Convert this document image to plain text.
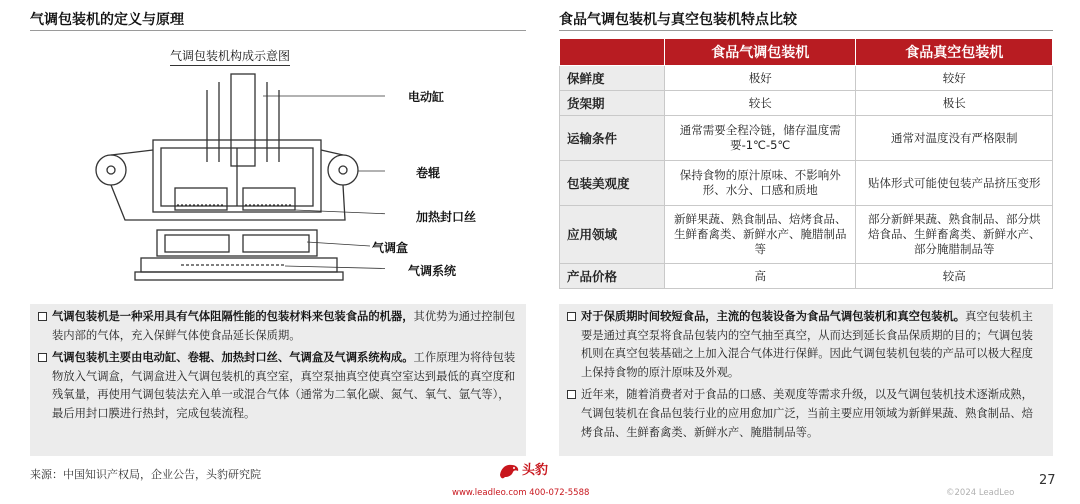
气调包装机的定义与原理
气调包装机构成示意图
电动缸
卷辊
加热封口丝
气调盒
气调系统
气调包装机是一种采用具有气体阻隔性能的包装材料来包装食品的机器，其优势为通过控制包装内部的气体，充入保鲜气体使食品延长保质期。
气调包装机主要由电动缸、卷辊、加热封口丝、气调盒及气调系统构成。工作原理为将待包装物放入气调盒，气调盒进入气调包装机的真空室，真空泵抽真空使真空室达到最低的真空度和残氧量，再使用气调包装法充入单一或混合气体（通常为二氧化碳、氮气、氧气、氩气等），最后用封口膜进行热封，完成包装流程。
食品气调包装机与真空包装机特点比较
	食品气调包装机	食品真空包装机
保鲜度	极好	较好
货架期	较长	极长
运输条件	通常需要全程冷链，储存温度需要-1℃-5℃	通常对温度没有严格限制
包装美观度	保持食物的原汁原味、不影响外形、水分、口感和质地	贴体形式可能使包装产品挤压变形
应用领域	新鲜果蔬、熟食制品、焙烤食品、生鲜畜禽类、新鲜水产、腌腊制品等	部分新鲜果蔬、熟食制品、部分烘焙食品、生鲜畜禽类、新鲜水产、部分腌腊制品等
产品价格	高	较高
对于保质期时间较短食品，主流的包装设备为食品气调包装机和真空包装机。真空包装机主要是通过真空泵将食品包装内的空气抽至真空，从而达到延长食品保质期的目的；气调包装机则在真空包装基础之上加入混合气体进行保鲜。因此气调包装机包装的产品可以极大程度上保持食物的原汁原味及外观。
近年来，随着消费者对于食品的口感、美观度等需求升级，以及气调包装机技术逐渐成熟，气调包装机在食品包装行业的应用愈加广泛，当前主要应用领域为新鲜果蔬、熟食制品、焙烤食品、生鲜畜禽类、新鲜水产、腌腊制品等。
来源：中国知识产权局，企业公告，头豹研究院	头豹
www.leadleo.com 400-072-5588
27
©2024 LeadLeo
